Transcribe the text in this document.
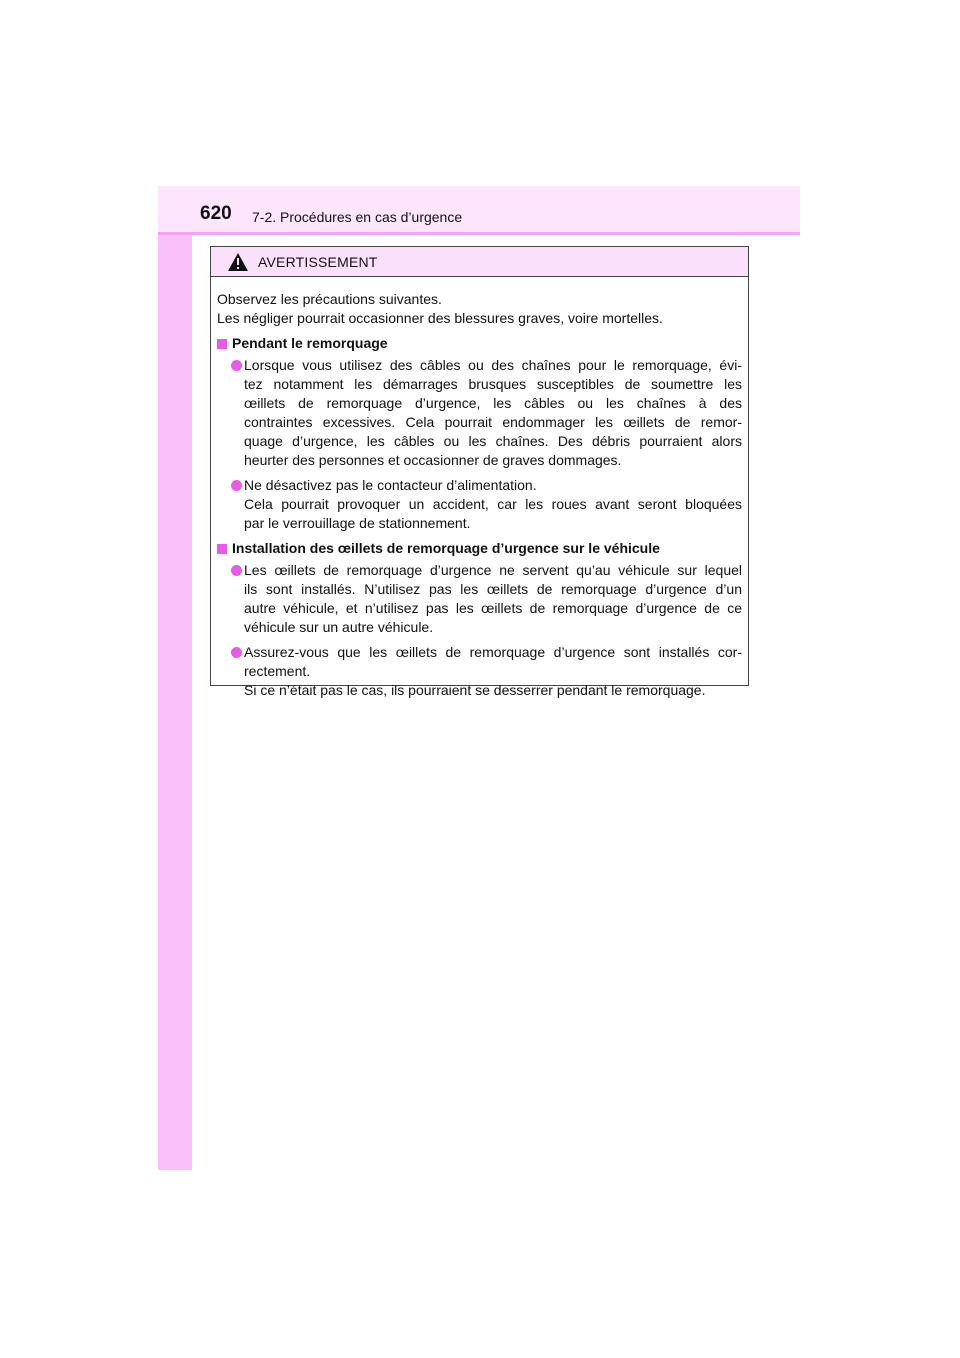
620 7-2. Procédures en cas d’urgence
AVERTISSEMENT
Observez les précautions suivantes.
Les négliger pourrait occasionner des blessures graves, voire mortelles.
Pendant le remorquage
Lorsque vous utilisez des câbles ou des chaînes pour le remorquage, évi-
tez notamment les démarrages brusques susceptibles de soumettre les
œillets de remorquage d’urgence, les câbles ou les chaînes à des
contraintes excessives. Cela pourrait endommager les œillets de remor-
quage d’urgence, les câbles ou les chaînes. Des débris pourraient alors
heurter des personnes et occasionner de graves dommages.
Ne désactivez pas le contacteur d’alimentation.
Cela pourrait provoquer un accident, car les roues avant seront bloquées
par le verrouillage de stationnement.
Installation des œillets de remorquage d’urgence sur le véhicule
Les œillets de remorquage d’urgence ne servent qu’au véhicule sur lequel
ils sont installés. N’utilisez pas les œillets de remorquage d’urgence d’un
autre véhicule, et n’utilisez pas les œillets de remorquage d’urgence de ce
véhicule sur un autre véhicule.
Assurez-vous que les œillets de remorquage d’urgence sont installés cor-
rectement.
Si ce n’était pas le cas, ils pourraient se desserrer pendant le remorquage.
